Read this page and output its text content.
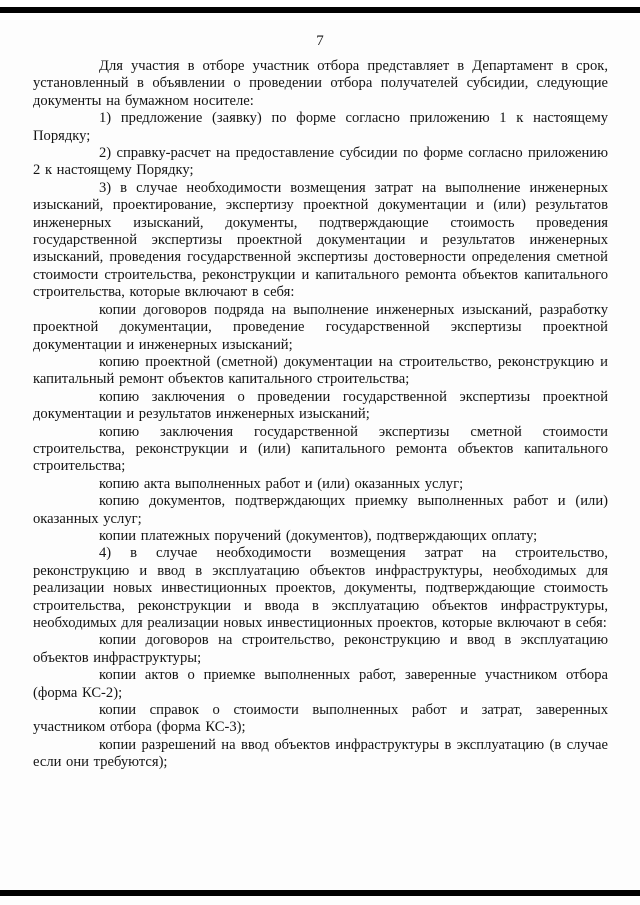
7

Для участия в отборе участник отбора представляет в Департамент в срок, установленный в объявлении о проведении отбора получателей субсидии, следующие документы на бумажном носителе:

1) предложение (заявку) по форме согласно приложению 1 к настоящему Порядку;

2) справку-расчет на предоставление субсидии по форме согласно приложению 2 к настоящему Порядку;

3) в случае необходимости возмещения затрат на выполнение инженерных изысканий, проектирование, экспертизу проектной документации и (или) результатов инженерных изысканий, документы, подтверждающие стоимость проведения государственной экспертизы проектной документации и результатов инженерных изысканий, проведения государственной экспертизы достоверности определения сметной стоимости строительства, реконструкции и капитального ремонта объектов капитального строительства, которые включают в себя:

копии договоров подряда на выполнение инженерных изысканий, разработку проектной документации, проведение государственной экспертизы проектной документации и инженерных изысканий;

копию проектной (сметной) документации на строительство, реконструкцию и капитальный ремонт объектов капитального строительства;

копию заключения о проведении государственной экспертизы проектной документации и результатов инженерных изысканий;

копию заключения государственной экспертизы сметной стоимости строительства, реконструкции и (или) капитального ремонта объектов капитального строительства;

копию акта выполненных работ и (или) оказанных услуг;

копию документов, подтверждающих приемку выполненных работ и (или) оказанных услуг;

копии платежных поручений (документов), подтверждающих оплату;

4) в случае необходимости возмещения затрат на строительство, реконструкцию и ввод в эксплуатацию объектов инфраструктуры, необходимых для реализации новых инвестиционных проектов, документы, подтверждающие стоимость строительства, реконструкции и ввода в эксплуатацию объектов инфраструктуры, необходимых для реализации новых инвестиционных проектов, которые включают в себя:

копии договоров на строительство, реконструкцию и ввод в эксплуатацию объектов инфраструктуры;

копии актов о приемке выполненных работ, заверенные участником отбора (форма КС-2);

копии справок о стоимости выполненных работ и затрат, заверенных участником отбора (форма КС-3);

копии разрешений на ввод объектов инфраструктуры в эксплуатацию (в случае если они требуются);
